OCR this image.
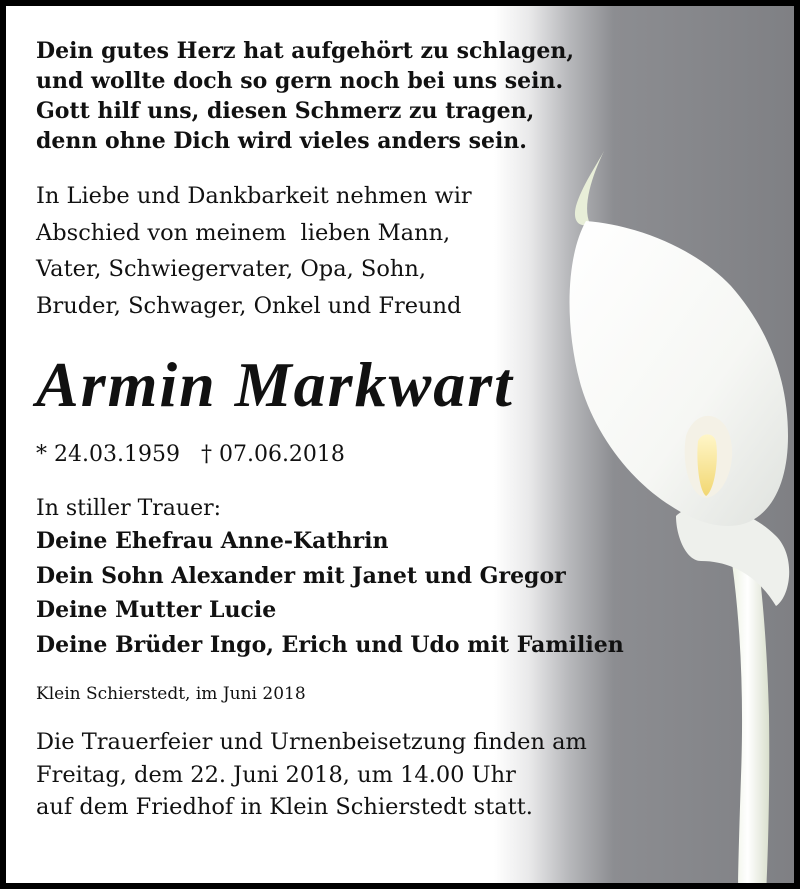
Dein gutes Herz hat aufgehört zu schlagen,
und wollte doch so gern noch bei uns sein.
Gott hilf uns, diesen Schmerz zu tragen,
denn ohne Dich wird vieles anders sein.
In Liebe und Dankbarkeit nehmen wir
Abschied von meinem  lieben Mann,
Vater, Schwiegervater, Opa, Sohn,
Bruder, Schwager, Onkel und Freund
Armin Markwart
* 24.03.1959 † 07.06.2018
In stiller Trauer:
Deine Ehefrau Anne-Kathrin
Dein Sohn Alexander mit Janet und Gregor
Deine Mutter Lucie
Deine Brüder Ingo, Erich und Udo mit Familien
Klein Schierstedt, im Juni 2018
Die Trauerfeier und Urnenbeisetzung finden am
Freitag, dem 22. Juni 2018, um 14.00 Uhr
auf dem Friedhof in Klein Schierstedt statt.
